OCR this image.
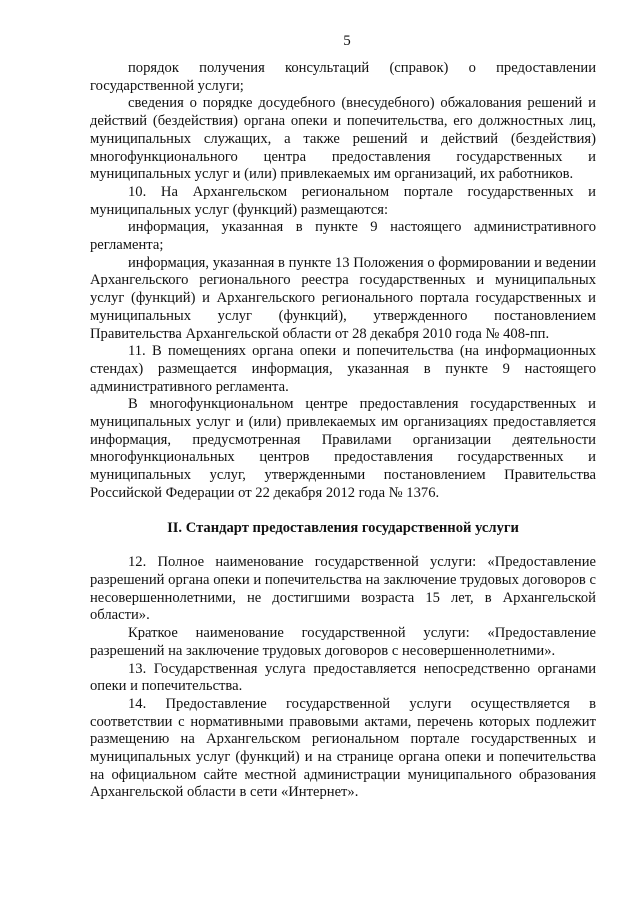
5

порядок получения консультаций (справок) о предоставлении государственной услуги;

сведения о порядке досудебного (внесудебного) обжалования решений и действий (бездействия) органа опеки и попечительства, его должностных лиц, муниципальных служащих, а также решений и действий (бездействия) многофункционального центра предоставления государственных и муниципальных услуг и (или) привлекаемых им организаций, их работников.

10. На Архангельском региональном портале государственных и муниципальных услуг (функций) размещаются:

информация, указанная в пункте 9 настоящего административного регламента;

информация, указанная в пункте 13 Положения о формировании и ведении Архангельского регионального реестра государственных и муниципальных услуг (функций) и Архангельского регионального портала государственных и муниципальных услуг (функций), утвержденного постановлением Правительства Архангельской области от 28 декабря 2010 года № 408-пп.

11. В помещениях органа опеки и попечительства (на информационных стендах) размещается информация, указанная в пункте 9 настоящего административного регламента.

В многофункциональном центре предоставления государственных и муниципальных услуг и (или) привлекаемых им организациях предоставляется информация, предусмотренная Правилами организации деятельности многофункциональных центров предоставления государственных и муниципальных услуг, утвержденными постановлением Правительства Российской Федерации от 22 декабря 2012 года № 1376.

II. Стандарт предоставления государственной услуги

12. Полное наименование государственной услуги: «Предоставление разрешений органа опеки и попечительства на заключение трудовых договоров с несовершеннолетними, не достигшими возраста 15 лет, в Архангельской области».

Краткое наименование государственной услуги: «Предоставление разрешений на заключение трудовых договоров с несовершеннолетними».

13. Государственная услуга предоставляется непосредственно органами опеки и попечительства.

14. Предоставление государственной услуги осуществляется в соответствии с нормативными правовыми актами, перечень которых подлежит размещению на Архангельском региональном портале государственных и муниципальных услуг (функций) и на странице органа опеки и попечительства на официальном сайте местной администрации муниципального образования Архангельской области в сети «Интернет».
